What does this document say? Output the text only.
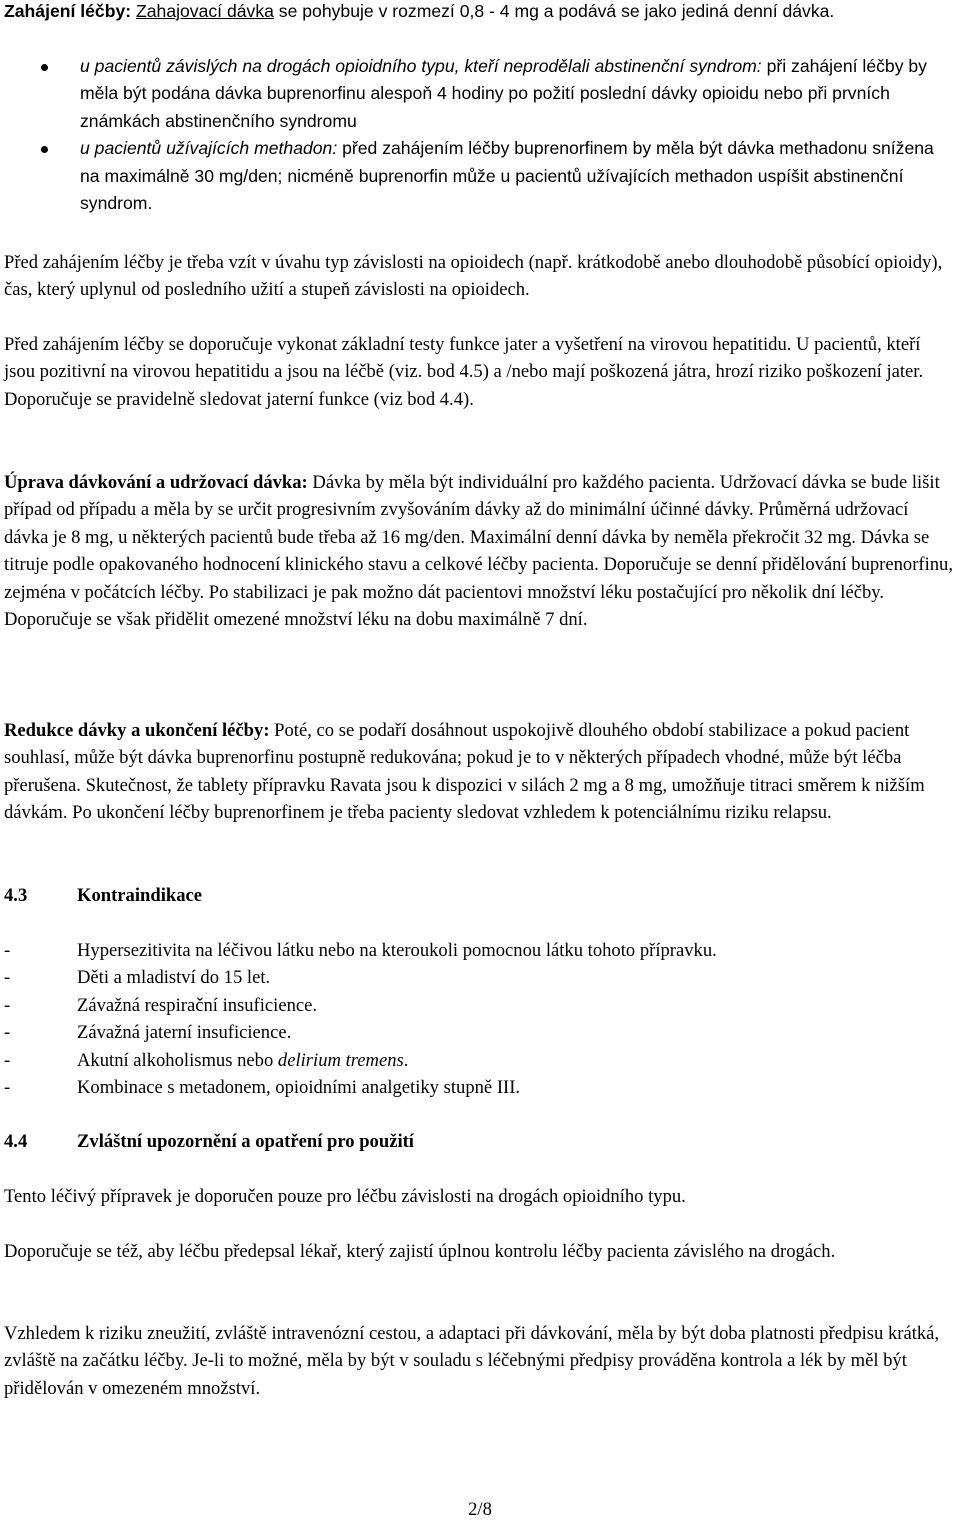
Zahájení léčby: Zahajovací dávka se pohybuje v rozmezí 0,8 - 4 mg a podává se jako jediná denní dávka.

u pacientů závislých na drogách opioidního typu, kteří neprodělali abstinenční syndrom: při zahájení léčby by měla být podána dávka buprenorfinu alespoň 4 hodiny po požití poslední dávky opioidu nebo při prvních známkách abstinenčního syndromu
u pacientů užívajících methadon: před zahájením léčby buprenorfinem by měla být dávka methadonu snížena na maximálně 30 mg/den; nicméně buprenorfin může u pacientů užívajících methadon uspíšit abstinenční syndrom.

Před zahájením léčby je třeba vzít v úvahu typ závislosti na opioidech (např. krátkodobě anebo dlouhodobě působící opioidy), čas, který uplynul od posledního užití a stupeň závislosti na opioidech.

Před zahájením léčby se doporučuje vykonat základní testy funkce jater a vyšetření na virovou hepatitidu. U pacientů, kteří jsou pozitivní na virovou hepatitidu a jsou na léčbě (viz. bod 4.5) a /nebo mají poškozená játra, hrozí riziko poškození jater. Doporučuje se pravidelně sledovat jaterní funkce (viz bod 4.4).

Úprava dávkování a udržovací dávka: Dávka by měla být individuální pro každého pacienta. Udržovací dávka se bude lišit případ od případu a měla by se určit progresivním zvyšováním dávky až do minimální účinné dávky. Průměrná udržovací dávka je 8 mg, u některých pacientů bude třeba až 16 mg/den. Maximální denní dávka by neměla překročit 32 mg. Dávka se titruje podle opakovaného hodnocení klinického stavu a celkové léčby pacienta. Doporučuje se denní přidělování buprenorfinu, zejména v počátcích léčby. Po stabilizaci je pak možno dát pacientovi množství léku postačující pro několik dní léčby. Doporučuje se však přidělit omezené množství léku na dobu maximálně 7 dní.

Redukce dávky a ukončení léčby: Poté, co se podaří dosáhnout uspokojivě dlouhého období stabilizace a pokud pacient souhlasí, může být dávka buprenorfinu postupně redukována; pokud je to v některých případech vhodné, může být léčba přerušena. Skutečnost, že tablety přípravku Ravata jsou k dispozici v silách 2 mg a 8 mg, umožňuje titraci směrem k nižším dávkám. Po ukončení léčby buprenorfinem je třeba pacienty sledovat vzhledem k potenciálnímu riziku relapsu.

4.3	Kontraindikace
-	Hypersezitivita na léčivou látku nebo na kteroukoli pomocnou látku tohoto přípravku.
-	Děti a mladiství do 15 let.
-	Závažná respirační insuficience.
-	Závažná jaterní insuficience.
-	Akutní alkoholismus nebo delirium tremens.
-	Kombinace s metadonem, opioidními analgetiky stupně III.
4.4	Zvláštní upozornění a opatření pro použití

Tento léčivý přípravek je doporučen pouze pro léčbu závislosti na drogách opioidního typu.

Doporučuje se též, aby léčbu předepsal lékař, který zajistí úplnou kontrolu léčby pacienta závislého na drogách.

Vzhledem k riziku zneužití, zvláště intravenózní cestou, a adaptaci při dávkování, měla by být doba platnosti předpisu krátká, zvláště na začátku léčby. Je-li to možné, měla by být v souladu s léčebnými předpisy prováděna kontrola a lék by měl být přidělován v omezeném množství.

2/8
